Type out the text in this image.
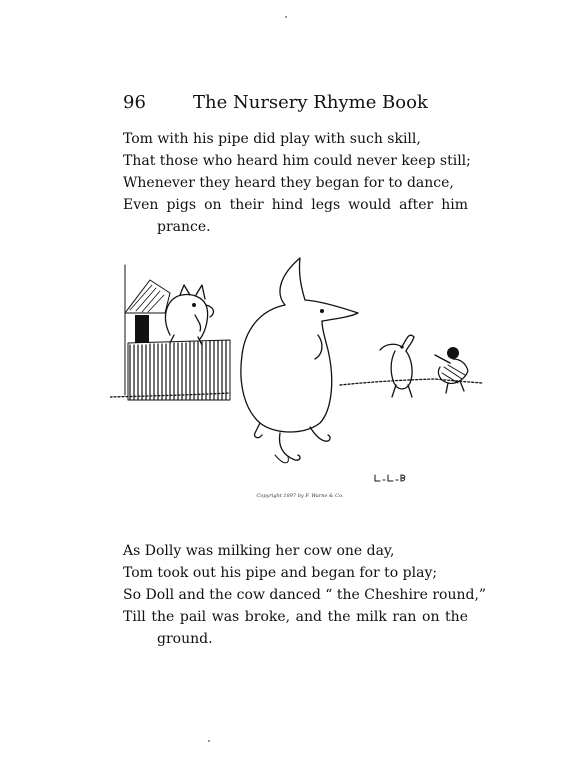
96	The Nursery Rhyme Book
Tom with his pipe did play with such skill,
That those who heard him could never keep still;
Whenever they heard they began for to dance,
Even pigs on their hind legs would after him
prance.
Copyright 1897 by F. Warne & Co.
As Dolly was milking her cow one day,
Tom took out his pipe and began for to play;
So Doll and the cow danced “ the Cheshire round,”
Till the pail was broke, and the milk ran on the
ground.
